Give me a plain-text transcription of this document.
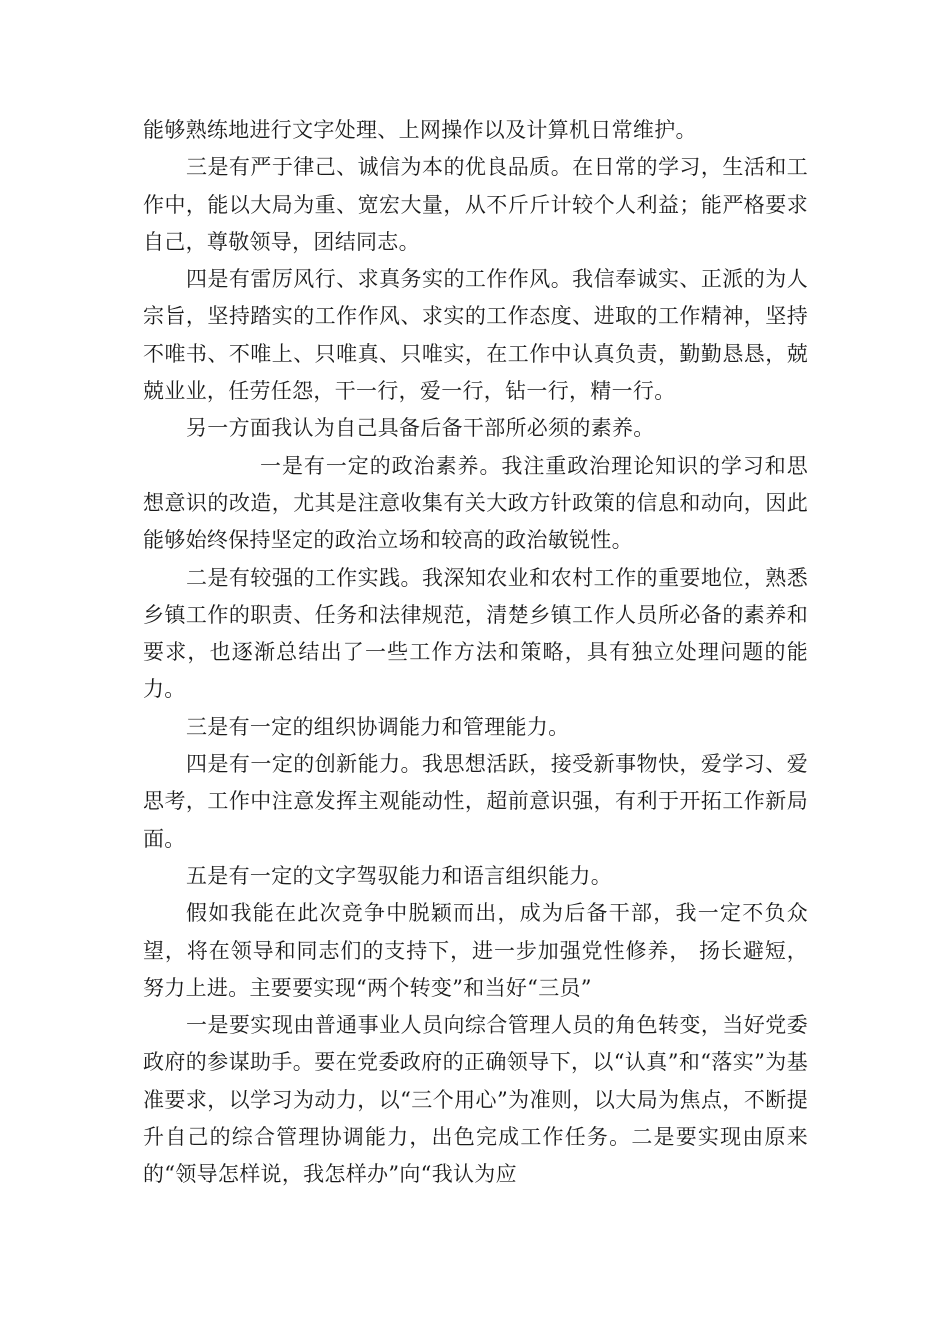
能够熟练地进行文字处理、上网操作以及计算机日常维护。

三是有严于律己、诚信为本的优良品质。在日常的学习，生活和工作中，能以大局为重、宽宏大量，从不斤斤计较个人利益；能严格要求自己，尊敬领导，团结同志。

四是有雷厉风行、求真务实的工作作风。我信奉诚实、正派的为人宗旨，坚持踏实的工作作风、求实的工作态度、进取的工作精神，坚持不唯书、不唯上、只唯真、只唯实，在工作中认真负责，勤勤恳恳，兢兢业业，任劳任怨，干一行，爱一行，钻一行，精一行。

另一方面我认为自己具备后备干部所必须的素养。

一是有一定的政治素养。我注重政治理论知识的学习和思想意识的改造，尤其是注意收集有关大政方针政策的信息和动向，因此能够始终保持坚定的政治立场和较高的政治敏锐性。

二是有较强的工作实践。我深知农业和农村工作的重要地位，熟悉乡镇工作的职责、任务和法律规范，清楚乡镇工作人员所必备的素养和要求，也逐渐总结出了一些工作方法和策略，具有独立处理问题的能力。

三是有一定的组织协调能力和管理能力。

四是有一定的创新能力。我思想活跃，接受新事物快，爱学习、爱思考，工作中注意发挥主观能动性，超前意识强，有利于开拓工作新局面。

五是有一定的文字驾驭能力和语言组织能力。

假如我能在此次竞争中脱颖而出，成为后备干部，我一定不负众望，将在领导和同志们的支持下，进一步加强党性修养， 扬长避短，努力上进。主要要实现“两个转变”和当好“三员”

一是要实现由普通事业人员向综合管理人员的角色转变，当好党委政府的参谋助手。要在党委政府的正确领导下，以“认真”和“落实”为基准要求，以学习为动力，以“三个用心”为准则，以大局为焦点，不断提升自己的综合管理协调能力，出色完成工作任务。二是要实现由原来的“领导怎样说，我怎样办”向“我认为应
